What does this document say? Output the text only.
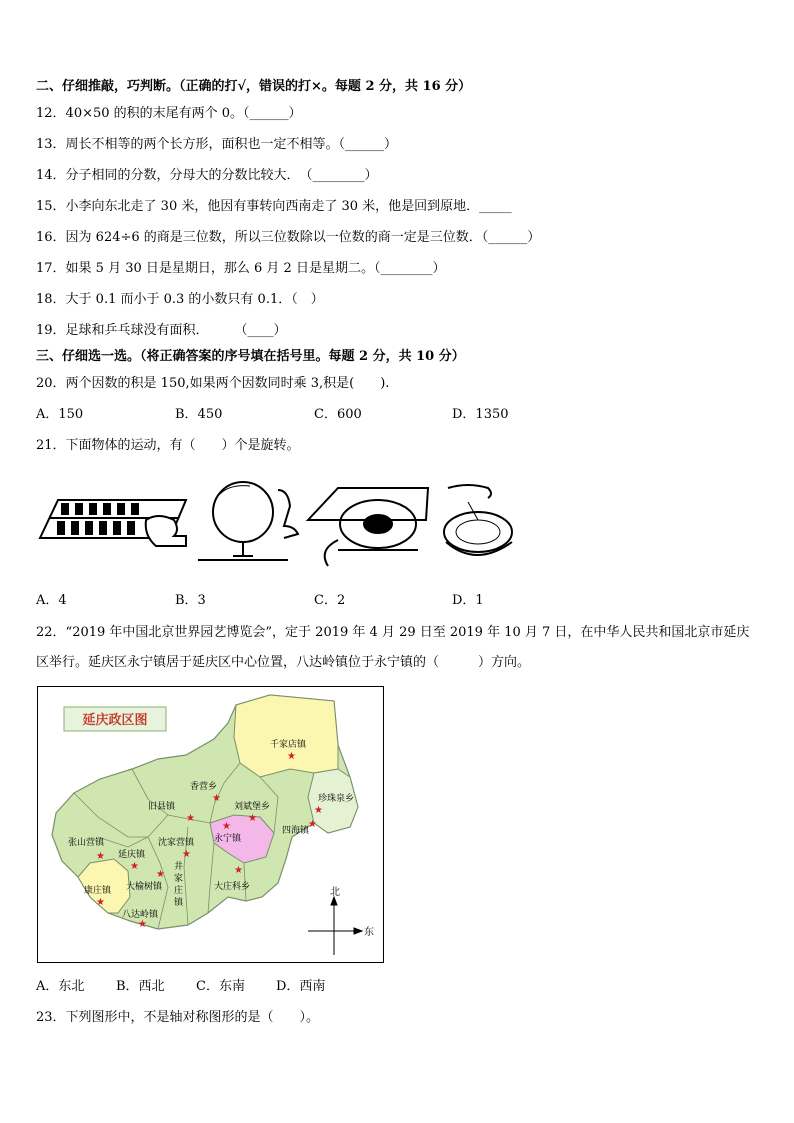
二、仔细推敲，巧判断。（正确的打√，错误的打×。每题 2 分，共 16 分）
12．40×50 的积的末尾有两个 0。（______）
13．周长不相等的两个长方形，面积也一定不相等。（______）
14．分子相同的分数，分母大的分数比较大．　（________）
15．小李向东北走了 30 米，他因有事转向西南走了 30 米，他是回到原地．_____
16．因为 624÷6 的商是三位数，所以三位数除以一位数的商一定是三位数．（______）
17．如果 5 月 30 日是星期日，那么 6 月 2 日是星期二。（________）
18．大于 0.1 而小于 0.3 的小数只有 0.1．（　）
19．足球和乒乓球没有面积．　　　（____）
三、仔细选一选。（将正确答案的序号填在括号里。每题 2 分，共 10 分）
20．两个因数的积是 150,如果两个因数同时乘 3,积是(　　).
A．150	B．450	C．600	D．1350
21．下面物体的运动，有（　　）个是旋转。
A．4	B．3	C．2	D．1
22．“2019 年中国北京世界园艺博览会”，定于 2019 年 4 月 29 日至 2019 年 10 月 7 日，在中华人民共和国北京市延庆
区举行。延庆区永宁镇居于延庆区中心位置，八达岭镇位于永宁镇的（　　　）方向。
延庆政区图
千家店镇
香营乡
旧县镇	刘斌堡乡
珍珠泉乡
张山营镇	沈家营镇 永宁镇
四海镇
延庆镇
井
家
庄
镇
大榆树镇	大庄科乡
康庄镇
八达岭镇
★
★
★	★
★
★
★	★
★
★
★	★
★
★
北
东
A．东北 B．西北 C．东南 D．西南
23．下列图形中，不是轴对称图形的是（　　）。
